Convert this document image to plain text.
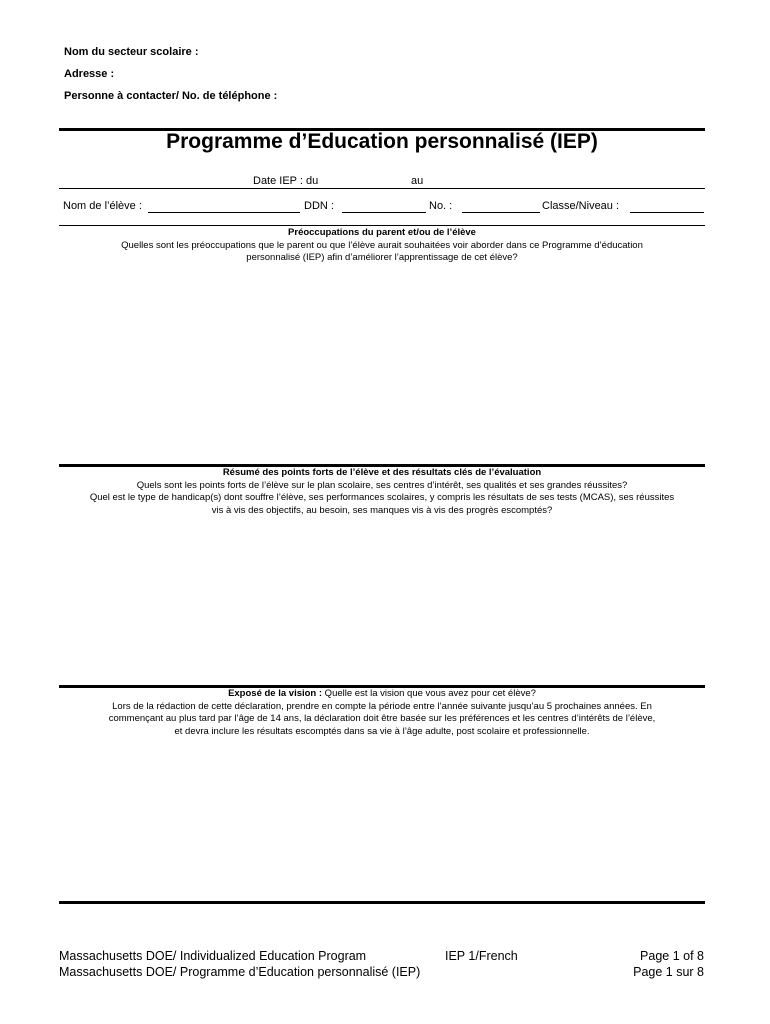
Nom du secteur scolaire :
Adresse :
Personne à contacter/ No. de téléphone :
Programme d’Education personnalisé (IEP)
Date IEP : du	au
Nom de l’élève :	DDN :	No. :	Classe/Niveau :
Préoccupations du parent et/ou de l’élève
Quelles sont les préoccupations que le parent ou que l’élève aurait souhaitées voir aborder dans ce Programme d’éducation
personnalisé (IEP) afin d’améliorer l’apprentissage de cet élève?
Résumé des points forts de l’élève et des résultats clés de l’évaluation
Quels sont les points forts de l’élève sur le plan scolaire, ses centres d’intérêt, ses qualités et ses grandes réussites?
Quel est le type de handicap(s) dont souffre l’élève, ses performances scolaires, y compris les résultats de ses tests (MCAS), ses réussites
vis à vis des objectifs, au besoin, ses manques vis à vis des progrès escomptés?
Exposé de la vision : Quelle est la vision que vous avez pour cet élève?
Lors de la rédaction de cette déclaration, prendre en compte la période entre l’année suivante jusqu’au 5 prochaines années. En
commençant au plus tard par l’âge de 14 ans, la déclaration doit être basée sur les préférences et les centres d’intérêts de l’élève,
et devra inclure les résultats escomptés dans sa vie à l’âge adulte, post scolaire et professionnelle.
Massachusetts DOE/ Individualized Education Program
Massachusetts DOE/ Programme d’Education personnalisé (IEP)
IEP 1/French	Page 1 of 8
Page 1 sur 8
